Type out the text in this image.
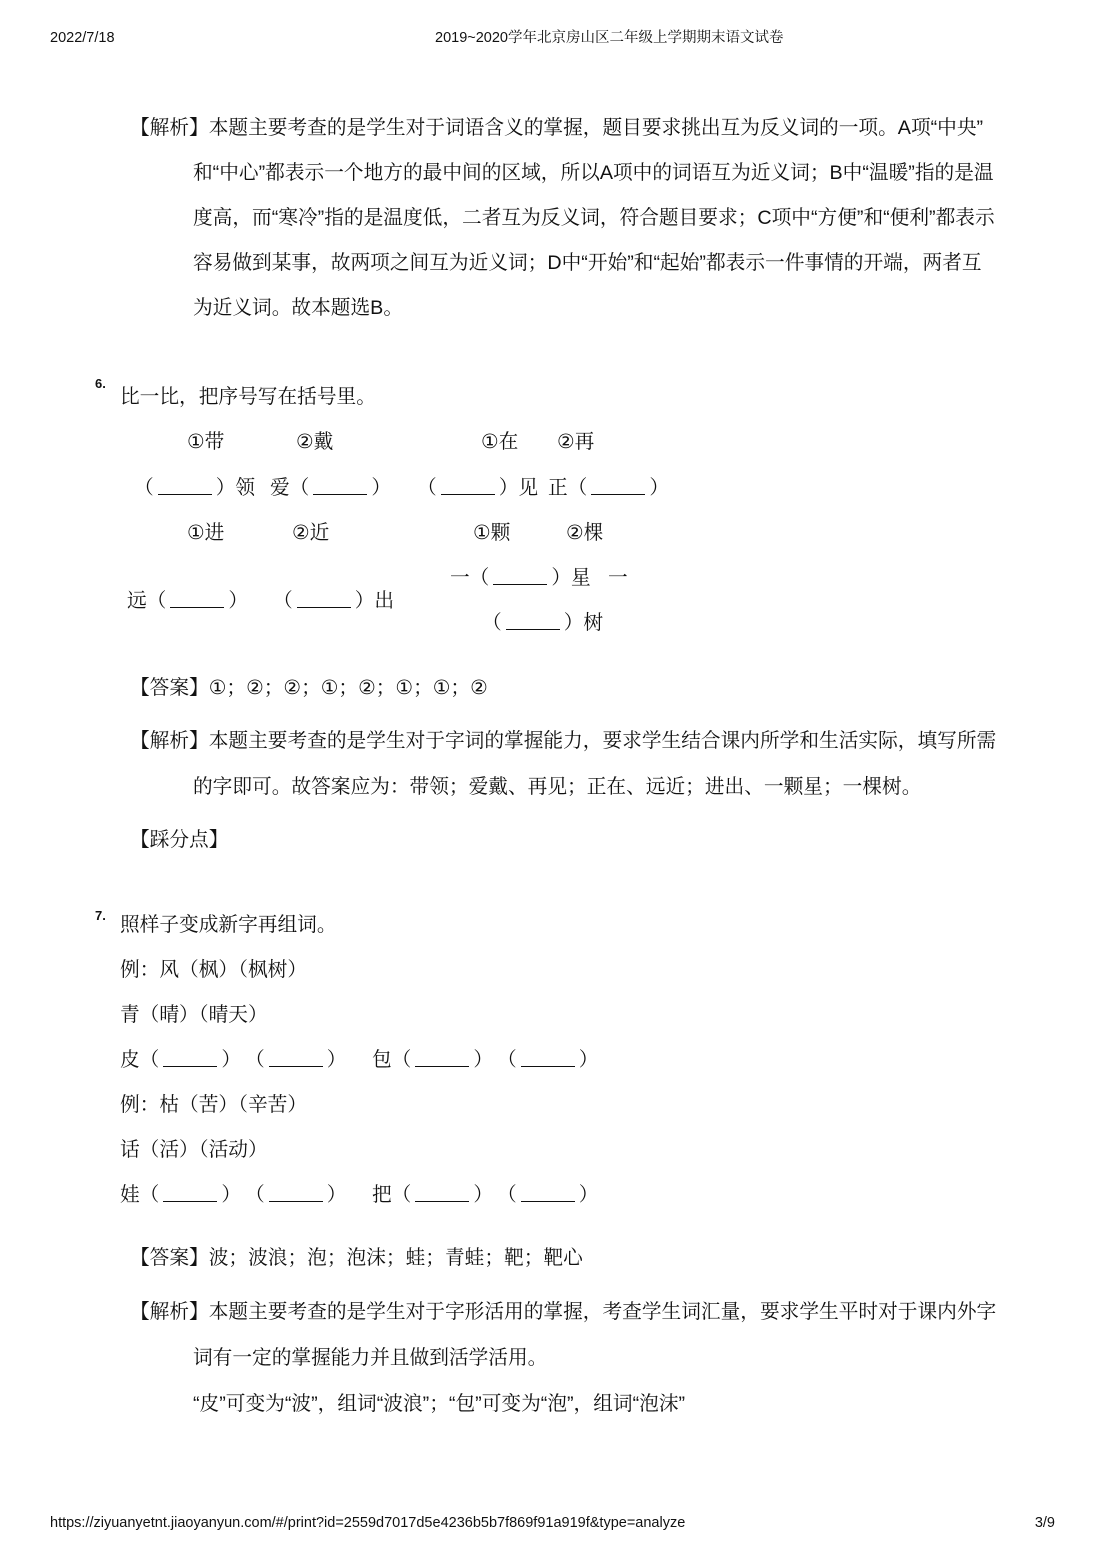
2022/7/18	2019~2020学年北京房山区二年级上学期期末语文试卷
【解析】本题主要考查的是学生对于词语含义的掌握，题目要求挑出互为反义词的一项。A项“中央”
和“中心”都表示一个地方的最中间的区域，所以A项中的词语互为近义词；B中“温暖”指的是温
度高，而“寒冷”指的是温度低，二者互为反义词，符合题目要求；C项中“方便”和“便利”都表示
容易做到某事，故两项之间互为近义词；D中“开始”和“起始”都表示一件事情的开端，两者互
为近义词。故本题选B。
6.
比一比，把序号写在括号里。
①带	②戴	①在 ②再
（	）领 爱（	） （	）见 正（	）
①进	②近	①颗	②棵
远（	） （	）出
一（	）星 一
（	）树
【答案】①；②；②；①；②；①；①；②
【解析】本题主要考查的是学生对于字词的掌握能力，要求学生结合课内所学和生活实际，填写所需
的字即可。故答案应为：带领；爱戴、再见；正在、远近；进出、一颗星；一棵树。
【踩分点】
7. 照样子变成新字再组词。
例：风（枫）（枫树）
青（晴）（晴天）
皮（	） （	） 包（	） （	）
例：枯（苦）（辛苦）
话（活）（活动）
娃（	） （	） 把（	） （	）
【答案】波；波浪；泡；泡沫；蛙；青蛙；靶；靶心
【解析】本题主要考查的是学生对于字形活用的掌握，考查学生词汇量，要求学生平时对于课内外字
词有一定的掌握能力并且做到活学活用。
“皮”可变为“波”，组词“波浪”；“包”可变为“泡”，组词“泡沫”
https://ziyuanyetnt.jiaoyanyun.com/#/print?id=2559d7017d5e4236b5b7f869f91a919f&type=analyze	3/9
